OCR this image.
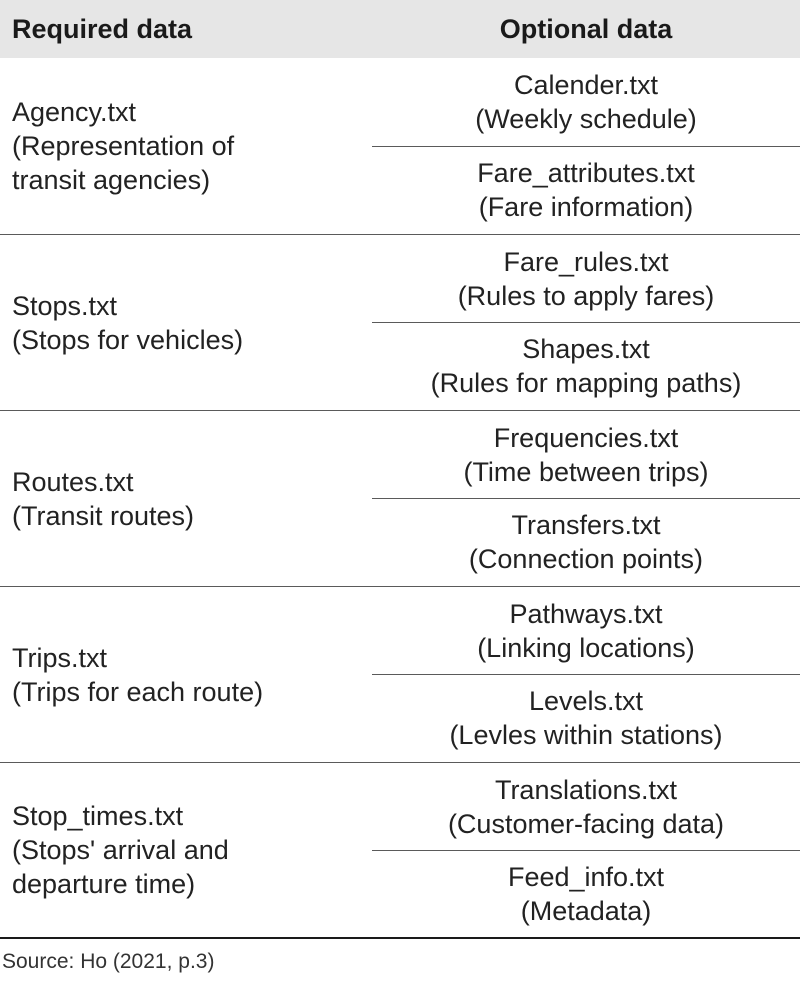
Required data	Optional data
Agency.txt
(Representation of
transit agencies)
Calender.txt
(Weekly schedule)
Fare_attributes.txt
(Fare information)
Stops.txt
(Stops for vehicles)
Fare_rules.txt
(Rules to apply fares)
Shapes.txt
(Rules for mapping paths)
Routes.txt
(Transit routes)
Frequencies.txt
(Time between trips)
Transfers.txt
(Connection points)
Trips.txt
(Trips for each route)
Pathways.txt
(Linking locations)
Levels.txt
(Levles within stations)
Stop_times.txt
(Stops' arrival and
departure time)
Translations.txt
(Customer-facing data)
Feed_info.txt
(Metadata)
Source: Ho (2021, p.3)
